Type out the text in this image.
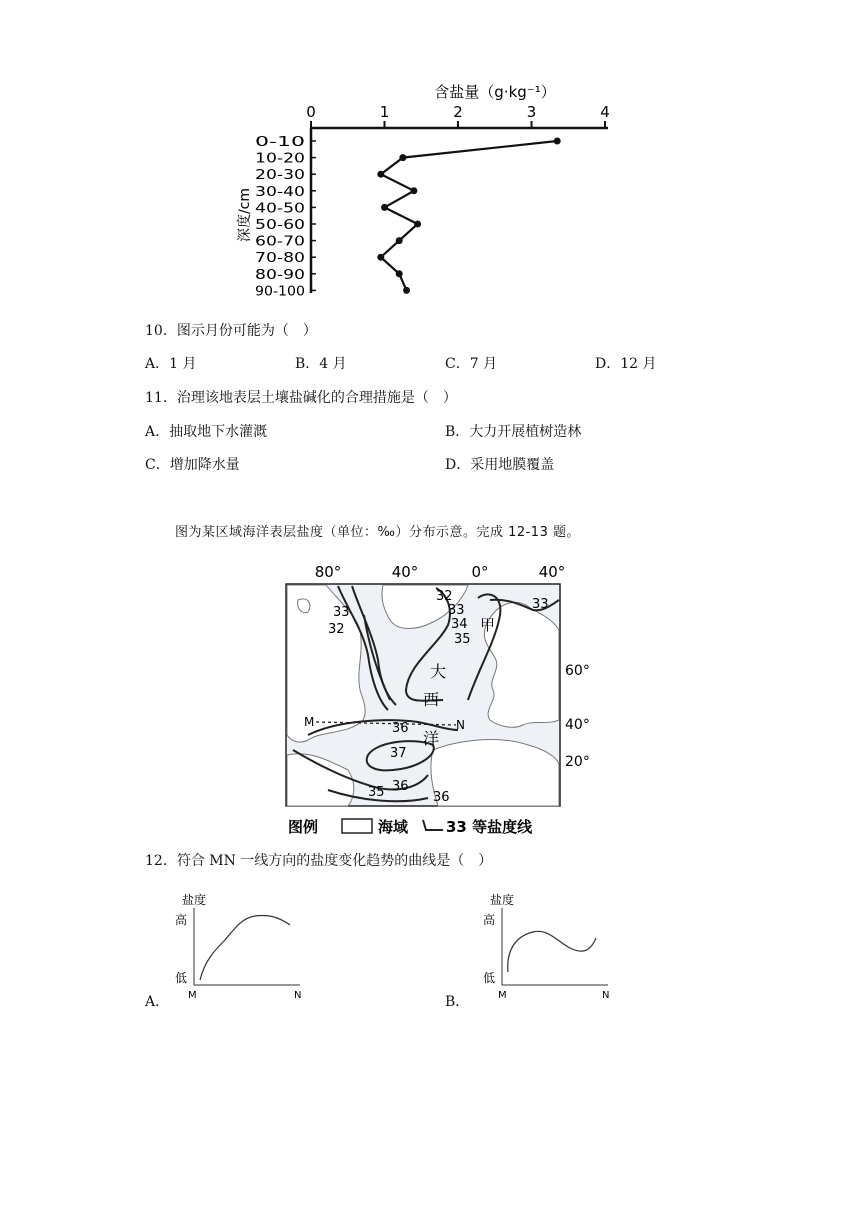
含盐量（g·kg⁻¹）
0	1	2	3	4
0-10
10-20
20-30
30-40
40-50
50-60
60-70
70-80
80-90
90-100
深度/cm
10．图示月份可能为（　）
A．1 月	B．4 月	C．7 月	D．12 月
11．治理该地表层土壤盐碱化的合理措施是（　）
A．抽取地下水灌溉	B．大力开展植树造林
C．增加降水量	D．采用地膜覆盖
图为某区域海洋表层盐度（单位：‰）分布示意。完成 12-13 题。
80°	40°	0°	40°
M	N
32
33	33
32	34
35
33
36
37
36
35	36
大
西
洋
甲
60°
40°
20°
图例	海域	33 等盐度线
12．符合 MN 一线方向的盐度变化趋势的曲线是（　）
A．	B．
盐度
高
低
M	N
盐度
高
低
M	N
